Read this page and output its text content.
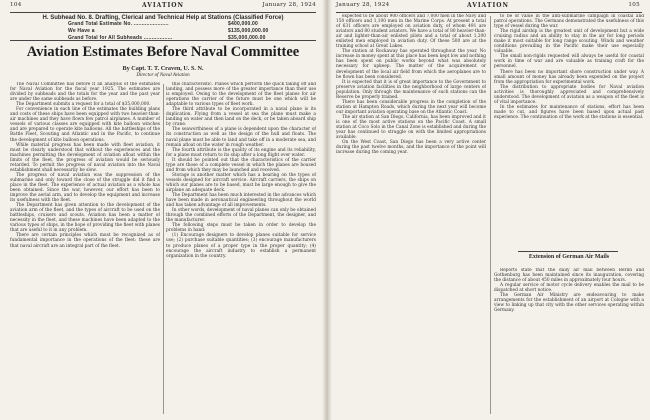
104	AVIATION	January 28, 1924
H. Subhead No. 8. Drafting, Clerical and Technical Help at Stations (Classified Force)
Grand Total Estimate No. ......................	$400,000.00
We Have a	$135,000,000.00
Grand Total for All Subheads ..................	$35,000,000.00
Aviation Estimates Before Naval Committee
By Capt. T. T. Craven, U. S. N.
Director of Naval Aviation

The Naval Committee has before it an analysis of the estimates for Naval Aviation for the fiscal year 1925. The estimates are divided by subheads and the totals for the year and the past year are under the same subheads as before.

The Department submits a request for a total of $35,000,000.

For convenience in each line of the estimates the building plans and costs of these ships have been equipped with two heavier-than-air machines and they have flown few patrol airplanes. A number of vessels of various classes are equipped with kite balloon winches and are prepared to operate kite balloons. All the battleships of the Battle Fleet, Scouting and Atlantic and in the Pacific, to continue the development of kite balloon operations.

While material progress has been made with fleet aviation, it must be clearly understood that without the experiences and the machines permitting the development of aviation afloat within the limits of the fleet, the progress of aviation would be seriously retarded. To permit the progress of naval aviation into the Naval establishment shall necessarily be slow.

The progress of naval aviation was the suppression of the submarine and only toward the close of the struggle did it find a place in the fleet. The experience of actual aviation as a whole has been obtained. Since the war, however, our effort has been to improve the aerial arm, and to develop the equipment and increase its usefulness with the fleet.

The Department has given attention to the development of the aviation arm of the fleet, and the types of aircraft to be used on the battleships, cruisers and scouts. Aviation has been a matter of necessity in the fleet, and these machines have been adapted to the various types of ships, in the hope of providing the fleet with planes that are useful to it in any problem.

There are certain principles which must be recognized as of fundamental importance in the operations of the fleet: these are that naval aircraft are an integral part of the fleet.

this characteristic. Planes which perform the quick taking off and landing, and possess more of the greater importance than their use is employed. Owing to the development of the fleet planes for air operations the carrier of the future must be one which will be adaptable to various types of fleet work.

The third attribute to be incorporated in a naval plane is its duplication. Flying from a vessel at sea the plane must make a landing on water and then land on the deck, or be taken aboard ship by crane.

The seaworthiness of a plane is dependent upon the character of its construction as well as the design of the hull and floats. The naval plane must be able to land and take off in a moderate sea, and remain afloat on the water in rough weather.

The fourth attribute is the quality of its engine and its reliability, for a plane must return to its ship after a long flight over water.

It should be pointed out that the characteristics of the carrier type are those of a complete vessel in which the planes are housed and from which they may be launched and received.

Storage is another matter which has a bearing on the types of vessels designed for aircraft service. Aircraft carriers, the ships on which our planes are to be based, must be large enough to give the airplane an adequate deck.

The Department has been much interested in the advances which have been made in aeronautical engineering throughout the world and has taken advantage of all improvements.

In other words, development of naval planes can only be obtained through the combined efforts of the Department, the designer, and the manufacturer.

The following steps must be taken in order to develop the problems in hand:

(1) Encourage designers to develop planes suitable for service use; (2) purchase suitable quantities; (3) encourage manufacturers to produce planes of a proper type in the proper quantity; (4) encourage the aircraft industry to establish a permanent organization in the country.

January 28, 1924	AVIATION	105

expected to be about 900 officers and 7,000 men in the Navy and 150 officers and 1,100 men in the Marine Corps. At present a total of 631 officers are employed on aviation duty, of whom 491 are aviators and 80 student aviators. We have a total of 80 heavier-than-air and lighter-than-air enlisted pilots and a total of about 1,200 enlisted men employed in aviation duty. Of these 500 are at the training school at Great Lakes.

The station at Rockaway has operated throughout the year. No increase in money spent at this place has been kept low and nothing has been spent on public works beyond what was absolutely necessary for upkeep. The matter of the acquirement or development of the local air field from which the aeroplanes are to be flown has been considered.

It is expected that it is of great importance to the Government to preserve aviation facilities in the neighborhood of large centers of population. Only through the maintenance of such stations can the Reserve be properly trained.

There has been considerable progress in the completion of the station at Hampton Roads, which during the next year will become our important aviation operating base on the Atlantic Coast.

The air station at San Diego, California, has been improved and it is one of the most active stations on the Pacific Coast. A small station at Coco Solo in the Canal Zone is established and during the year has continued to struggle on with the limited appropriations available.

On the West Coast, San Diego has been a very active center during the past twelve months, and the importance of the point will increase during the coming year.

to be of value in the anti-submarine campaign in coastal and patrol operations. The Germans demonstrated the usefulness of this type of vessel during the war.

The rigid airship is the greatest unit of development but a wide cruising radius and an ability to stay in the air for long periods make it most suitable for long range scouting. Winds and weather conditions prevailing in the Pacific make their use especially valuable.

The small non-rigids requested will always be useful for coastal work in time of war and are valuable as training craft for the personnel.

There has been no important shore construction under way. A small amount of money has already been expended on the project from the appropriation for experimental work.

The distribution to appropriate bodies for Naval aviation activities is thoroughly appreciated and comprehensively understood. The development of aviation as a weapon of the fleet is of vital importance.

In the estimates for maintenance of stations, effort has been made to cut, and figures have been based upon actual past experience. The continuation of the work at the stations is essential.

Extension of German Air Mails

Reports state that the daily air mail between Berlin and Gothenburg has been maintained since its inauguration, covering the distance of about 450 miles in approximately four hours.

A regular service of motor cycle delivery enables the mail to be dispatched at short notice.

The German Air Ministry are endeavouring to make arrangements for the establishment of an airport at Cologne with a view to linking up that city with the other services operating within Germany.
